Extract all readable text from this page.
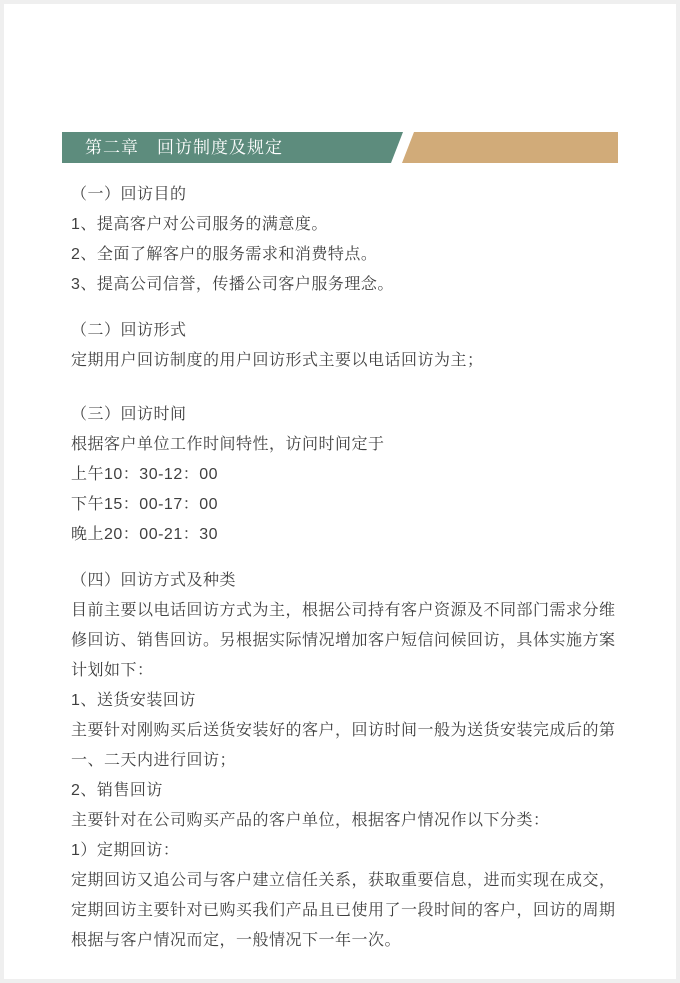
第二章　回访制度及规定
（一）回访目的
1、提高客户对公司服务的满意度。
2、全面了解客户的服务需求和消费特点。
3、提高公司信誉，传播公司客户服务理念。
（二）回访形式
定期用户回访制度的用户回访形式主要以电话回访为主；
（三）回访时间
根据客户单位工作时间特性，访问时间定于
上午10：30-12：00
下午15：00-17：00
晚上20：00-21：30
（四）回访方式及种类
目前主要以电话回访方式为主，根据公司持有客户资源及不同部门需求分维
修回访、销售回访。另根据实际情况增加客户短信问候回访，具体实施方案
计划如下：
1、送货安装回访
主要针对刚购买后送货安装好的客户，回访时间一般为送货安装完成后的第
一、二天内进行回访；
2、销售回访
主要针对在公司购买产品的客户单位，根据客户情况作以下分类：
1）定期回访：
定期回访又追公司与客户建立信任关系，获取重要信息，进而实现在成交，
定期回访主要针对已购买我们产品且已使用了一段时间的客户，回访的周期
根据与客户情况而定，一般情况下一年一次。
